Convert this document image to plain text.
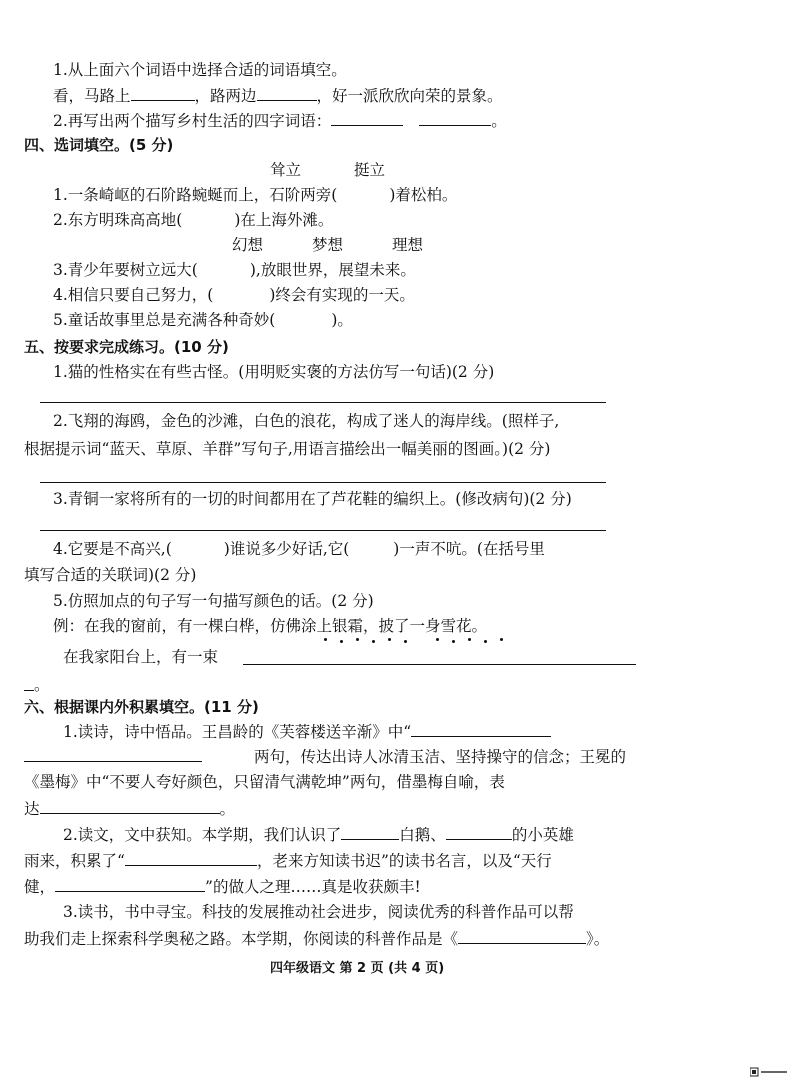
1.从上面六个词语中选择合适的词语填空。
看，马路上	，路两边	，好一派欣欣向荣的景象。
2.再写出两个描写乡村生活的四字词语：	。
四、选词填空。(5 分)
耸立	挺立
1.一条崎岖的石阶路蜿蜒而上，石阶两旁(	)着松柏。
2.东方明珠高高地(	)在上海外滩。
幻想	梦想	理想
3.青少年要树立远大(	),放眼世界，展望未来。
4.相信只要自己努力，(	)终会有实现的一天。
5.童话故事里总是充满各种奇妙(	)。
五、按要求完成练习。(10 分)
1.猫的性格实在有些古怪。(用明贬实褒的方法仿写一句话)(2 分)
2.飞翔的海鸥，金色的沙滩，白色的浪花，构成了迷人的海岸线。(照样子,
根据提示词“蓝天、草原、羊群”写句子,用语言描绘出一幅美丽的图画。)(2 分)
3.青铜一家将所有的一切的时间都用在了芦花鞋的编织上。(修改病句)(2 分)
4.它要是不高兴,(	)谁说多少好话,它(	)一声不吭。(在括号里
填写合适的关联词)(2 分)
5.仿照加点的句子写一句描写颜色的话。(2 分)
例：在我的窗前，有一棵白桦，仿佛涂上银霜，披了一身雪花。
在我家阳台上，有一束
。
六、根据课内外积累填空。(11 分)
1.读诗，诗中悟品。王昌龄的《芙蓉楼送辛渐》中“
两句，传达出诗人冰清玉洁、坚持操守的信念；王冕的
《墨梅》中“不要人夸好颜色，只留清气满乾坤”两句，借墨梅自喻，表
达	。
2.读文，文中获知。本学期，我们认识了	白鹅、	的小英雄
雨来，积累了“	，老来方知读书迟”的读书名言，以及“天行
健，	”的做人之理……真是收获颇丰!
3.读书，书中寻宝。科技的发展推动社会进步，阅读优秀的科普作品可以帮
助我们走上探索科学奥秘之路。本学期，你阅读的科普作品是《	》。
四年级语文 第 2 页 (共 4 页)
